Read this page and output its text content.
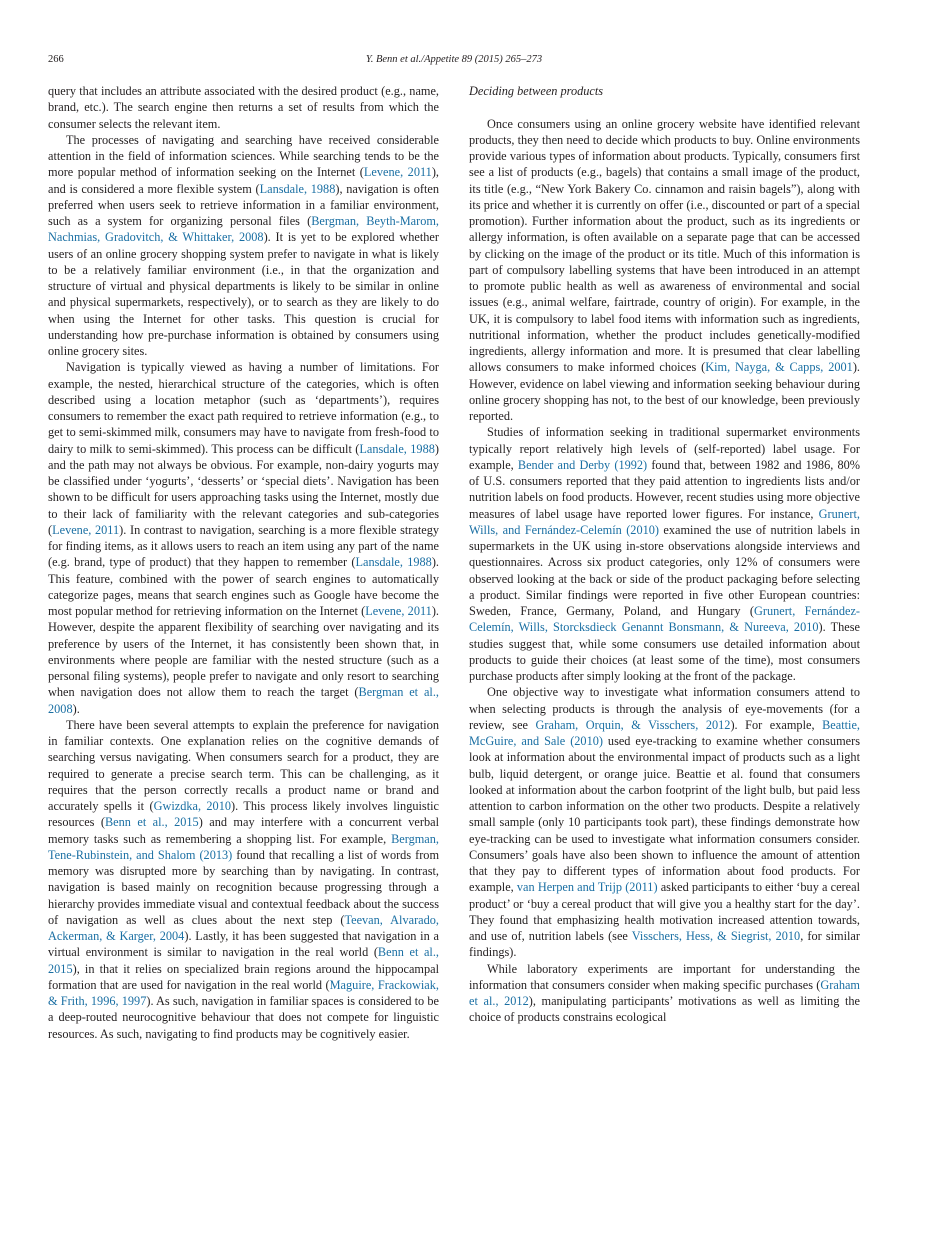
266	Y. Benn et al./Appetite 89 (2015) 265–273

query that includes an attribute associated with the desired product (e.g., name, brand, etc.). The search engine then returns a set of results from which the consumer selects the relevant item.

The processes of navigating and searching have received considerable attention in the field of information sciences. While searching tends to be the more popular method of information seeking on the Internet (Levene, 2011), and is considered a more flexible system (Lansdale, 1988), navigation is often preferred when users seek to retrieve information in a familiar environment, such as a system for organizing personal files (Bergman, Beyth-Marom, Nachmias, Gradovitch, & Whittaker, 2008). It is yet to be explored whether users of an online grocery shopping system prefer to navigate in what is likely to be a relatively familiar environment (i.e., in that the organization and structure of virtual and physical departments is likely to be similar in online and physical supermarkets, respectively), or to search as they are likely to do when using the Internet for other tasks. This question is crucial for understanding how pre-purchase information is obtained by consumers using online grocery sites.

Navigation is typically viewed as having a number of limitations. For example, the nested, hierarchical structure of the categories, which is often described using a location metaphor (such as ‘departments’), requires consumers to remember the exact path required to retrieve information (e.g., to get to semi-skimmed milk, consumers may have to navigate from fresh-food to dairy to milk to semi-skimmed). This process can be difficult (Lansdale, 1988) and the path may not always be obvious. For example, non-dairy yogurts may be classified under ‘yogurts’, ‘desserts’ or ‘special diets’. Navigation has been shown to be difficult for users approaching tasks using the Internet, mostly due to their lack of familiarity with the relevant categories and sub-categories (Levene, 2011). In contrast to navigation, searching is a more flexible strategy for finding items, as it allows users to reach an item using any part of the name (e.g. brand, type of product) that they happen to remember (Lansdale, 1988). This feature, combined with the power of search engines to automatically categorize pages, means that search engines such as Google have become the most popular method for retrieving information on the Internet (Levene, 2011). However, despite the apparent flexibility of searching over navigating and its preference by users of the Internet, it has consistently been shown that, in environments where people are familiar with the nested structure (such as a personal filing systems), people prefer to navigate and only resort to searching when navigation does not allow them to reach the target (Bergman et al., 2008).

There have been several attempts to explain the preference for navigation in familiar contexts. One explanation relies on the cognitive demands of searching versus navigating. When consumers search for a product, they are required to generate a precise search term. This can be challenging, as it requires that the person correctly recalls a product name or brand and accurately spells it (Gwizdka, 2010). This process likely involves linguistic resources (Benn et al., 2015) and may interfere with a concurrent verbal memory tasks such as remembering a shopping list. For example, Bergman, Tene-Rubinstein, and Shalom (2013) found that recalling a list of words from memory was disrupted more by searching than by navigating. In contrast, navigation is based mainly on recognition because progressing through a hierarchy provides immediate visual and contextual feedback about the success of navigation as well as clues about the next step (Teevan, Alvarado, Ackerman, & Karger, 2004). Lastly, it has been suggested that navigation in a virtual environment is similar to navigation in the real world (Benn et al., 2015), in that it relies on specialized brain regions around the hippocampal formation that are used for navigation in the real world (Maguire, Frackowiak, & Frith, 1996, 1997). As such, navigation in familiar spaces is considered to be a deep-routed neurocognitive behaviour that does not compete for linguistic resources. As such, navigating to find products may be cognitively easier.

Deciding between products

Once consumers using an online grocery website have identified relevant products, they then need to decide which products to buy. Online environments provide various types of information about products. Typically, consumers first see a list of products (e.g., bagels) that contains a small image of the product, its title (e.g., “New York Bakery Co. cinnamon and raisin bagels”), along with its price and whether it is currently on offer (i.e., discounted or part of a special promotion). Further information about the product, such as its ingredients or allergy information, is often available on a separate page that can be accessed by clicking on the image of the product or its title. Much of this information is part of compulsory labelling systems that have been introduced in an attempt to promote public health as well as awareness of environmental and social issues (e.g., animal welfare, fairtrade, country of origin). For example, in the UK, it is compulsory to label food items with information such as ingredients, nutritional information, whether the product includes genetically-modified ingredients, allergy information and more. It is presumed that clear labelling allows consumers to make informed choices (Kim, Nayga, & Capps, 2001). However, evidence on label viewing and information seeking behaviour during online grocery shopping has not, to the best of our knowledge, been previously reported.

Studies of information seeking in traditional supermarket environments typically report relatively high levels of (self-reported) label usage. For example, Bender and Derby (1992) found that, between 1982 and 1986, 80% of U.S. consumers reported that they paid attention to ingredients lists and/or nutrition labels on food products. However, recent studies using more objective measures of label usage have reported lower figures. For instance, Grunert, Wills, and Fernández-Celemín (2010) examined the use of nutrition labels in supermarkets in the UK using in-store observations alongside interviews and questionnaires. Across six product categories, only 12% of consumers were observed looking at the back or side of the product packaging before selecting a product. Similar findings were reported in five other European countries: Sweden, France, Germany, Poland, and Hungary (Grunert, Fernández-Celemín, Wills, Storcksdieck Genannt Bonsmann, & Nureeva, 2010). These studies suggest that, while some consumers use detailed information about products to guide their choices (at least some of the time), most consumers purchase products after simply looking at the front of the package.

One objective way to investigate what information consumers attend to when selecting products is through the analysis of eye-movements (for a review, see Graham, Orquin, & Visschers, 2012). For example, Beattie, McGuire, and Sale (2010) used eye-tracking to examine whether consumers look at information about the environmental impact of products such as a light bulb, liquid detergent, or orange juice. Beattie et al. found that consumers looked at information about the carbon footprint of the light bulb, but paid less attention to carbon information on the other two products. Despite a relatively small sample (only 10 participants took part), these findings demonstrate how eye-tracking can be used to investigate what information consumers consider. Consumers’ goals have also been shown to influence the amount of attention that they pay to different types of information about food products. For example, van Herpen and Trijp (2011) asked participants to either ‘buy a cereal product’ or ‘buy a cereal product that will give you a healthy start for the day’. They found that emphasizing health motivation increased attention towards, and use of, nutrition labels (see Visschers, Hess, & Siegrist, 2010, for similar findings).

While laboratory experiments are important for understanding the information that consumers consider when making specific purchases (Graham et al., 2012), manipulating participants’ motivations as well as limiting the choice of products constrains ecological
